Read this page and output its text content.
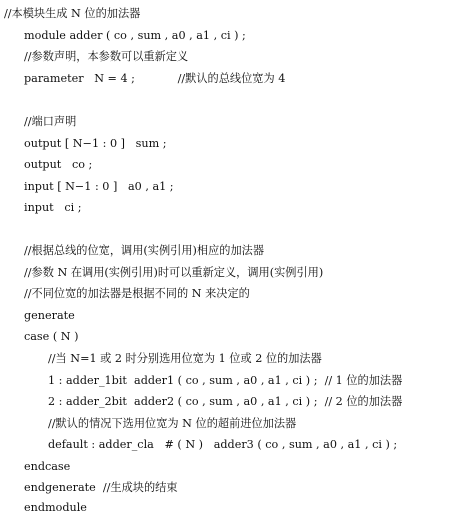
//本模块生成 N 位的加法器
module adder ( co , sum , a0 , a1 , ci ) ;
//参数声明，本参数可以重新定义
parameter   N = 4 ;            //默认的总线位宽为 4
//端口声明
output [ N−1 : 0 ]   sum ;
output   co ;
input [ N−1 : 0 ]   a0 , a1 ;
input   ci ;
//根据总线的位宽，调用(实例引用)相应的加法器
//参数 N 在调用(实例引用)时可以重新定义，调用(实例引用)
//不同位宽的加法器是根据不同的 N 来决定的
generate
case ( N )
//当 N=1 或 2 时分别选用位宽为 1 位或 2 位的加法器
1 : adder_1bit  adder1 ( co , sum , a0 , a1 , ci ) ;  // 1 位的加法器
2 : adder_2bit  adder2 ( co , sum , a0 , a1 , ci ) ;  // 2 位的加法器
//默认的情况下选用位宽为 N 位的超前进位加法器
default : adder_cla   # ( N )   adder3 ( co , sum , a0 , a1 , ci ) ;
endcase
endgenerate  //生成块的结束
endmodule
